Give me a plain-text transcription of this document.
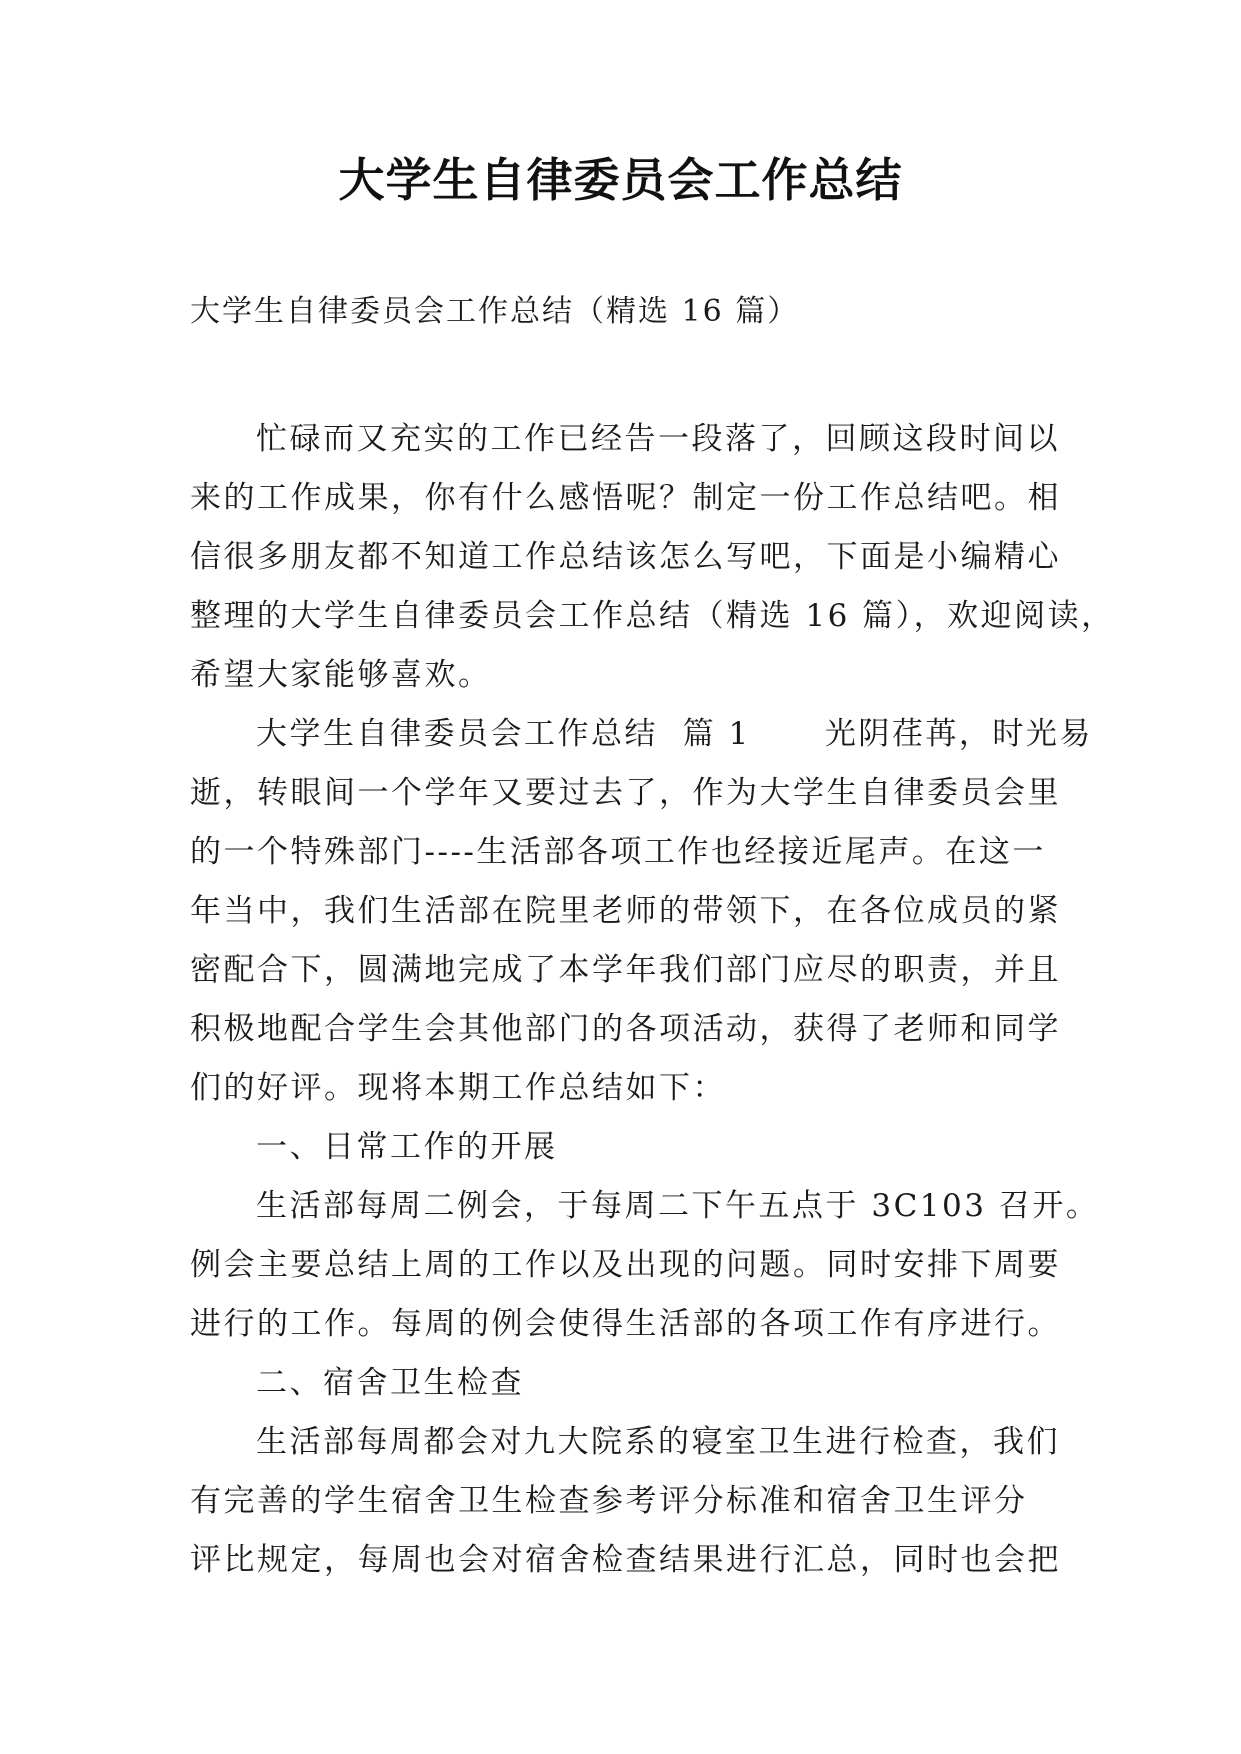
大学生自律委员会工作总结
大学生自律委员会工作总结（精选 16 篇）
忙碌而又充实的工作已经告一段落了，回顾这段时间以
来的工作成果，你有什么感悟呢？制定一份工作总结吧。相
信很多朋友都不知道工作总结该怎么写吧，下面是小编精心
整理的大学生自律委员会工作总结（精选 16 篇），欢迎阅读，
希望大家能够喜欢。
大学生自律委员会工作总结  篇 1      光阴荏苒，时光易
逝，转眼间一个学年又要过去了，作为大学生自律委员会里
的一个特殊部门----生活部各项工作也经接近尾声。在这一
年当中，我们生活部在院里老师的带领下，在各位成员的紧
密配合下，圆满地完成了本学年我们部门应尽的职责，并且
积极地配合学生会其他部门的各项活动，获得了老师和同学
们的好评。现将本期工作总结如下：
一、日常工作的开展
生活部每周二例会，于每周二下午五点于 3C103 召开。
例会主要总结上周的工作以及出现的问题。同时安排下周要
进行的工作。每周的例会使得生活部的各项工作有序进行。
二、宿舍卫生检查
生活部每周都会对九大院系的寝室卫生进行检查，我们
有完善的学生宿舍卫生检查参考评分标准和宿舍卫生评分
评比规定，每周也会对宿舍检查结果进行汇总，同时也会把
